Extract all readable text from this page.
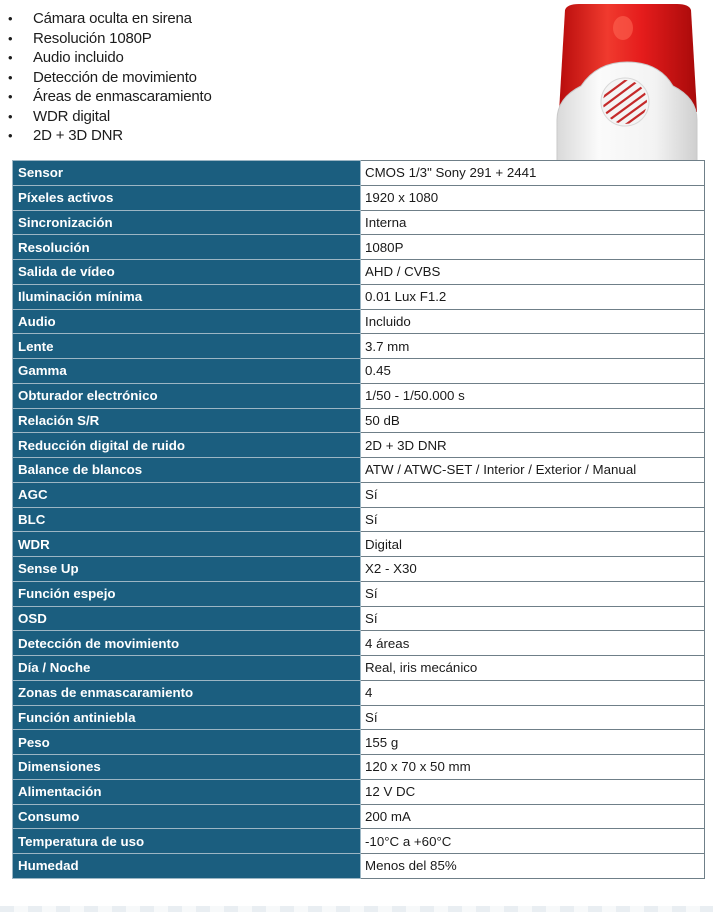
• Cámara oculta en sirena
• Resolución 1080P
• Audio incluido
• Detección de movimiento
• Áreas de enmascaramiento
• WDR digital
• 2D + 3D DNR
Sensor	CMOS 1/3" Sony 291 + 2441
Píxeles activos	1920 x 1080
Sincronización	Interna
Resolución	1080P
Salida de vídeo	AHD / CVBS
Iluminación mínima	0.01 Lux F1.2
Audio	Incluido
Lente	3.7 mm
Gamma	0.45
Obturador electrónico	1/50 - 1/50.000 s
Relación S/R	50 dB
Reducción digital de ruido	2D + 3D DNR
Balance de blancos	ATW / ATWC-SET / Interior / Exterior / Manual
AGC	Sí
BLC	Sí
WDR	Digital
Sense Up	X2 - X30
Función espejo	Sí
OSD	Sí
Detección de movimiento	4 áreas
Día / Noche	Real, iris mecánico
Zonas de enmascaramiento	4
Función antiniebla	Sí
Peso	155 g
Dimensiones	120 x 70 x 50 mm
Alimentación	12 V DC
Consumo	200 mA
Temperatura de uso	-10°C a +60°C
Humedad	Menos del 85%
